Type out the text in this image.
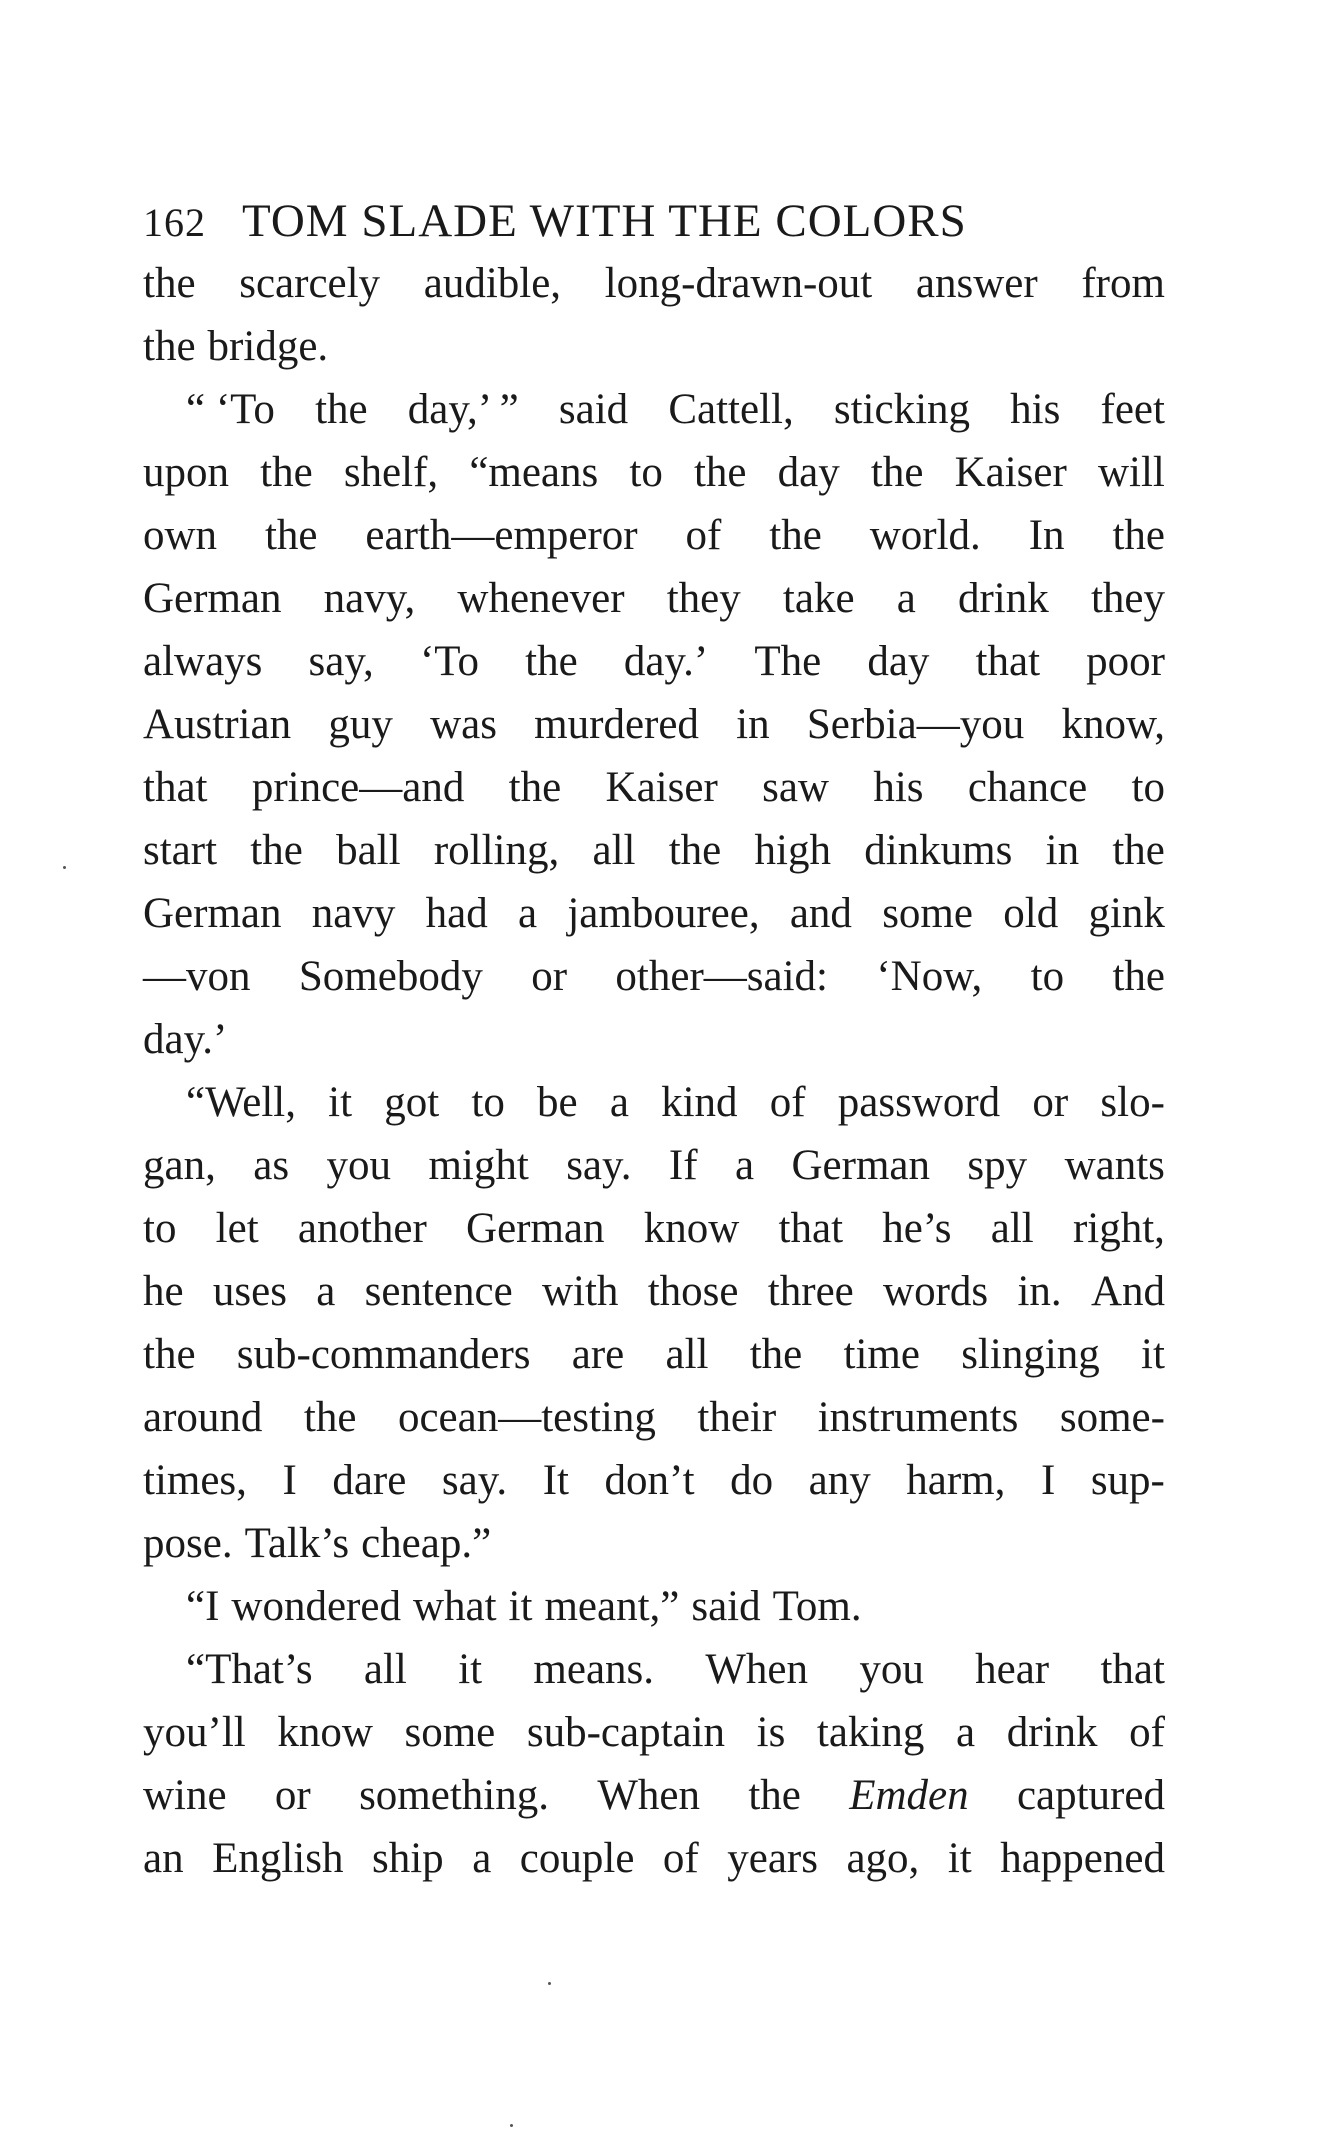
162 TOM SLADE WITH THE COLORS
the scarcely audible, long-drawn-out answer from
the bridge.
“ ‘To the day,’ ” said Cattell, sticking his feet
upon the shelf, “means to the day the Kaiser will
own the earth—emperor of the world. In the
German navy, whenever they take a drink they
always say, ‘To the day.’ The day that poor
Austrian guy was murdered in Serbia—you know,
that prince—and the Kaiser saw his chance to
start the ball rolling, all the high dinkums in the
German navy had a jambouree, and some old gink
—von Somebody or other—said: ‘Now, to the
day.’
“Well, it got to be a kind of password or slo-
gan, as you might say. If a German spy wants
to let another German know that he’s all right,
he uses a sentence with those three words in. And
the sub-commanders are all the time slinging it
around the ocean—testing their instruments some-
times, I dare say. It don’t do any harm, I sup-
pose. Talk’s cheap.”
“I wondered what it meant,” said Tom.
“That’s all it means. When you hear that
you’ll know some sub-captain is taking a drink of
wine or something. When the Emden captured
an English ship a couple of years ago, it happened
